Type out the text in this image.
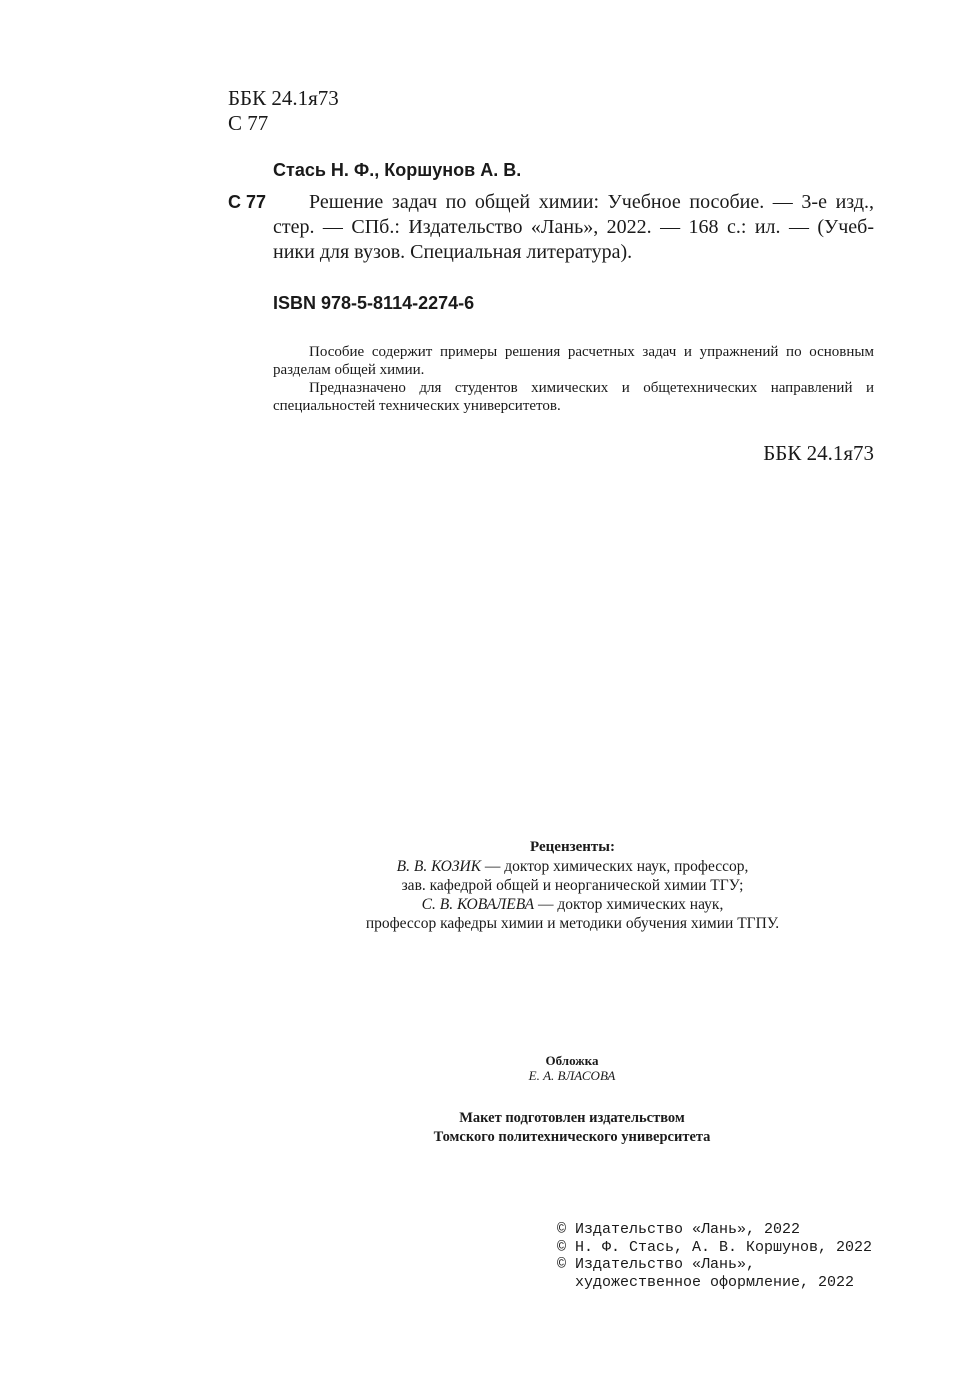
ББК 24.1я73
С 77
Стась Н. Ф., Коршунов А. В.
С 77	Решение задач по общей химии: Учебное пособие. — 3-е изд.,
стер. — СПб.: Издательство «Лань», 2022. — 168 с.: ил. — (Учеб-
ники для вузов. Специальная литература).
ISBN 978-5-8114-2274-6
Пособие содержит примеры решения расчетных задач и упражнений по основным
разделам общей химии.
Предназначено для студентов химических и общетехнических направлений и
специальностей технических университетов.
ББК 24.1я73
Рецензенты:
В. В. КОЗИК — доктор химических наук, профессор,
зав. кафедрой общей и неорганической химии ТГУ;
С. В. КОВАЛЕВА — доктор химических наук,
профессор кафедры химии и методики обучения химии ТГПУ.
Обложка
Е. А. ВЛАСОВА
Макет подготовлен издательством
Томского политехнического университета
© Издательство «Лань», 2022
© Н. Ф. Стась, А. В. Коршунов, 2022
© Издательство «Лань»,
художественное оформление, 2022
